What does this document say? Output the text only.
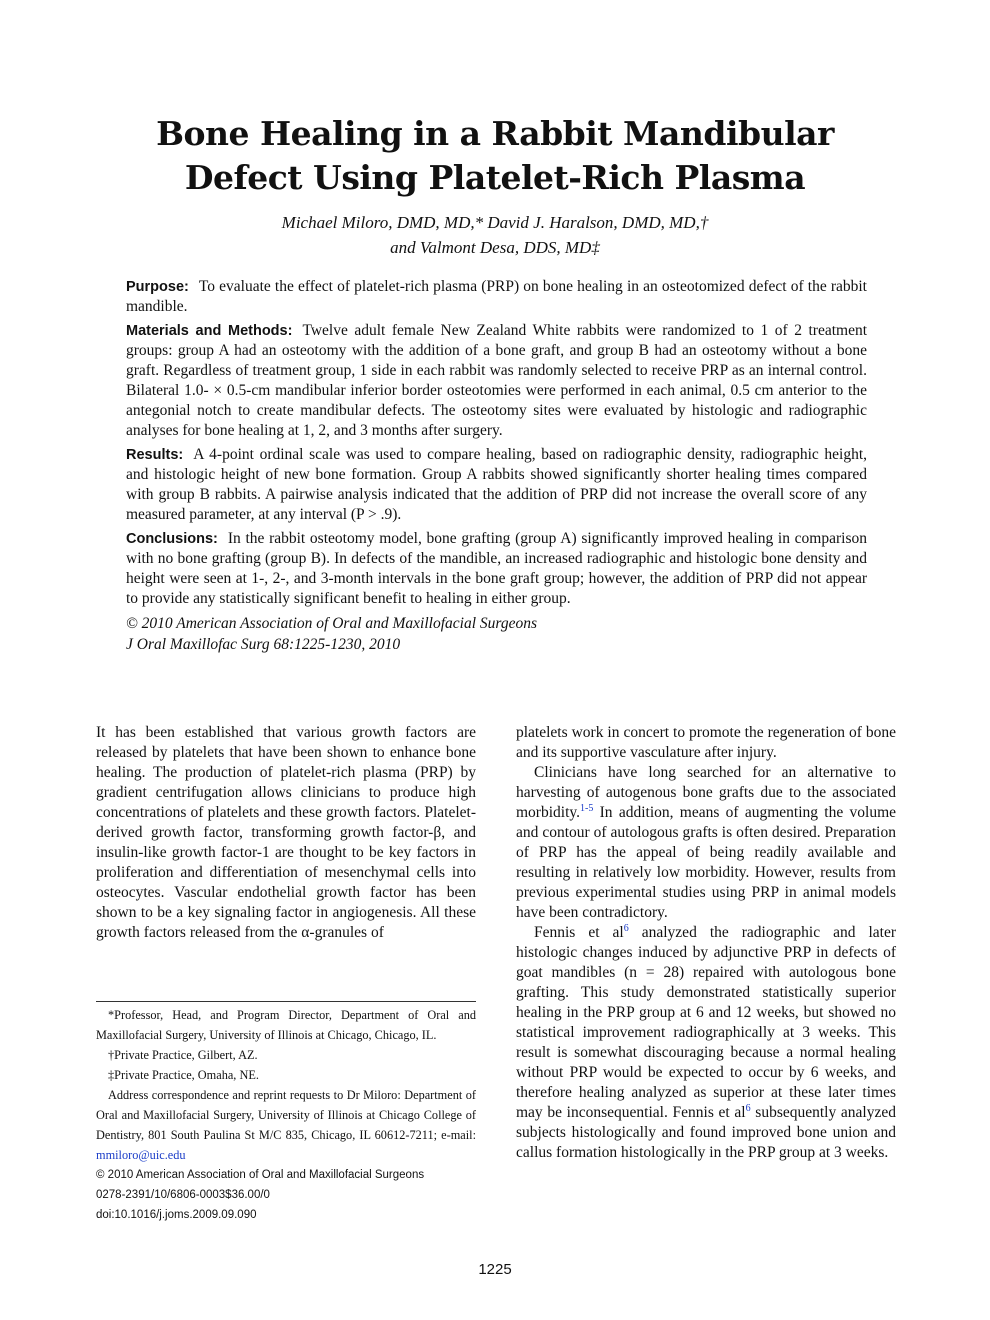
Bone Healing in a Rabbit Mandibular
Defect Using Platelet-Rich Plasma
Michael Miloro, DMD, MD,* David J. Haralson, DMD, MD,†
and Valmont Desa, DDS, MD‡

Purpose: To evaluate the effect of platelet-rich plasma (PRP) on bone healing in an osteotomized defect of the rabbit mandible.

Materials and Methods: Twelve adult female New Zealand White rabbits were randomized to 1 of 2 treatment groups: group A had an osteotomy with the addition of a bone graft, and group B had an osteotomy without a bone graft. Regardless of treatment group, 1 side in each rabbit was randomly selected to receive PRP as an internal control. Bilateral 1.0- × 0.5-cm mandibular inferior border osteotomies were performed in each animal, 0.5 cm anterior to the antegonial notch to create mandibular defects. The osteotomy sites were evaluated by histologic and radiographic analyses for bone healing at 1, 2, and 3 months after surgery.

Results: A 4-point ordinal scale was used to compare healing, based on radiographic density, radiographic height, and histologic height of new bone formation. Group A rabbits showed significantly shorter healing times compared with group B rabbits. A pairwise analysis indicated that the addition of PRP did not increase the overall score of any measured parameter, at any interval (P > .9).

Conclusions: In the rabbit osteotomy model, bone grafting (group A) significantly improved healing in comparison with no bone grafting (group B). In defects of the mandible, an increased radiographic and histologic bone density and height were seen at 1-, 2-, and 3-month intervals in the bone graft group; however, the addition of PRP did not appear to provide any statistically significant benefit to healing in either group.

© 2010 American Association of Oral and Maxillofacial Surgeons

J Oral Maxillofac Surg 68:1225-1230, 2010

It has been established that various growth factors are released by platelets that have been shown to enhance bone healing. The production of platelet-rich plasma (PRP) by gradient centrifugation allows clinicians to produce high concentrations of platelets and these growth factors. Platelet-derived growth factor, transforming growth factor-β, and insulin-like growth factor-1 are thought to be key factors in proliferation and differentiation of mesenchymal cells into osteocytes. Vascular endothelial growth factor has been shown to be a key signaling factor in angiogenesis. All these growth factors released from the α-granules of

platelets work in concert to promote the regeneration of bone and its supportive vasculature after injury.

Clinicians have long searched for an alternative to harvesting of autogenous bone grafts due to the associated morbidity.$^{1-5}$ In addition, means of augmenting the volume and contour of autologous grafts is often desired. Preparation of PRP has the appeal of being readily available and resulting in relatively low morbidity. However, results from previous experimental studies using PRP in animal models have been contradictory.

Fennis et $al^6$ analyzed the radiographic and later histologic changes induced by adjunctive PRP in defects of goat mandibles (n = 28) repaired with autologous bone grafting. This study demonstrated statistically superior healing in the PRP group at 6 and 12 weeks, but showed no statistical improvement radiographically at 3 weeks. This result is somewhat discouraging because a normal healing without PRP would be expected to occur by 6 weeks, and therefore healing analyzed as superior at these later times may be inconsequential. Fennis et $al^6$ subsequently analyzed subjects histologically and found improved bone union and callus formation histologically in the PRP group at 3 weeks.

*Professor, Head, and Program Director, Department of Oral and Maxillofacial Surgery, University of Illinois at Chicago, Chicago, IL.

†Private Practice, Gilbert, AZ.

‡Private Practice, Omaha, NE.

Address correspondence and reprint requests to Dr Miloro: Department of Oral and Maxillofacial Surgery, University of Illinois at Chicago College of Dentistry, 801 South Paulina St M/C 835, Chicago, IL 60612-7211; e-mail: mmiloro@uic.edu

© 2010 American Association of Oral and Maxillofacial Surgeons

0278-2391/10/6806-0003$36.00/0

doi:10.1016/j.joms.2009.09.090

1225
